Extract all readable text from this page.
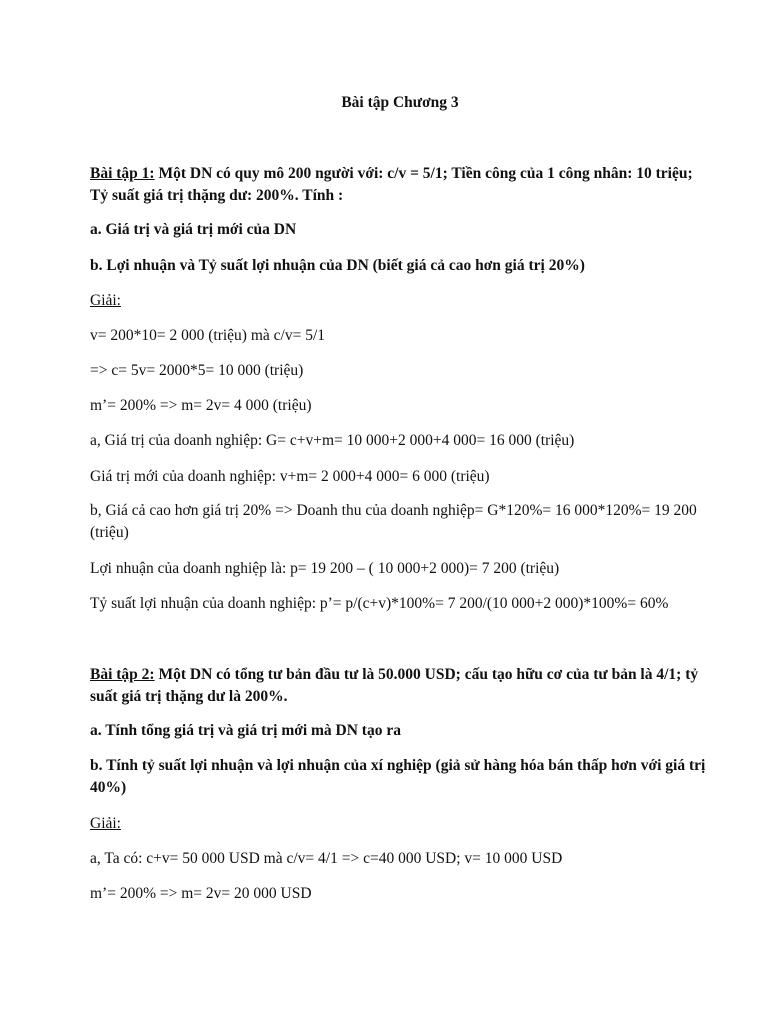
Bài tập Chương 3
Bài tập 1: Một DN có quy mô 200 người với: c/v = 5/1; Tiền công của 1 công nhân: 10 triệu; Tỷ suất giá trị thặng dư: 200%. Tính :
a. Giá trị và giá trị mới của DN
b. Lợi nhuận và Tỷ suất lợi nhuận của DN (biết giá cả cao hơn giá trị 20%)
Giải:
v= 200*10= 2 000 (triệu) mà c/v= 5/1
=> c= 5v= 2000*5= 10 000 (triệu)
m’= 200% => m= 2v= 4 000 (triệu)
a, Giá trị của doanh nghiệp: G= c+v+m= 10 000+2 000+4 000= 16 000 (triệu)
Giá trị mới của doanh nghiệp: v+m= 2 000+4 000= 6 000 (triệu)
b, Giá cả cao hơn giá trị 20% => Doanh thu của doanh nghiệp= G*120%= 16 000*120%= 19 200 (triệu)
Lợi nhuận của doanh nghiệp là: p= 19 200 – ( 10 000+2 000)= 7 200 (triệu)
Tỷ suất lợi nhuận của doanh nghiệp: p’= p/(c+v)*100%= 7 200/(10 000+2 000)*100%= 60%
Bài tập 2: Một DN có tổng tư bản đầu tư là 50.000 USD; cấu tạo hữu cơ của tư bản là 4/1; tỷ suất giá trị thặng dư là 200%.
a. Tính tổng giá trị và giá trị mới mà DN tạo ra
b. Tính tỷ suất lợi nhuận và lợi nhuận của xí nghiệp (giả sử hàng hóa bán thấp hơn với giá trị 40%)
Giải:
a, Ta có: c+v= 50 000 USD mà c/v= 4/1 => c=40 000 USD; v= 10 000 USD
m’= 200% => m= 2v= 20 000 USD
